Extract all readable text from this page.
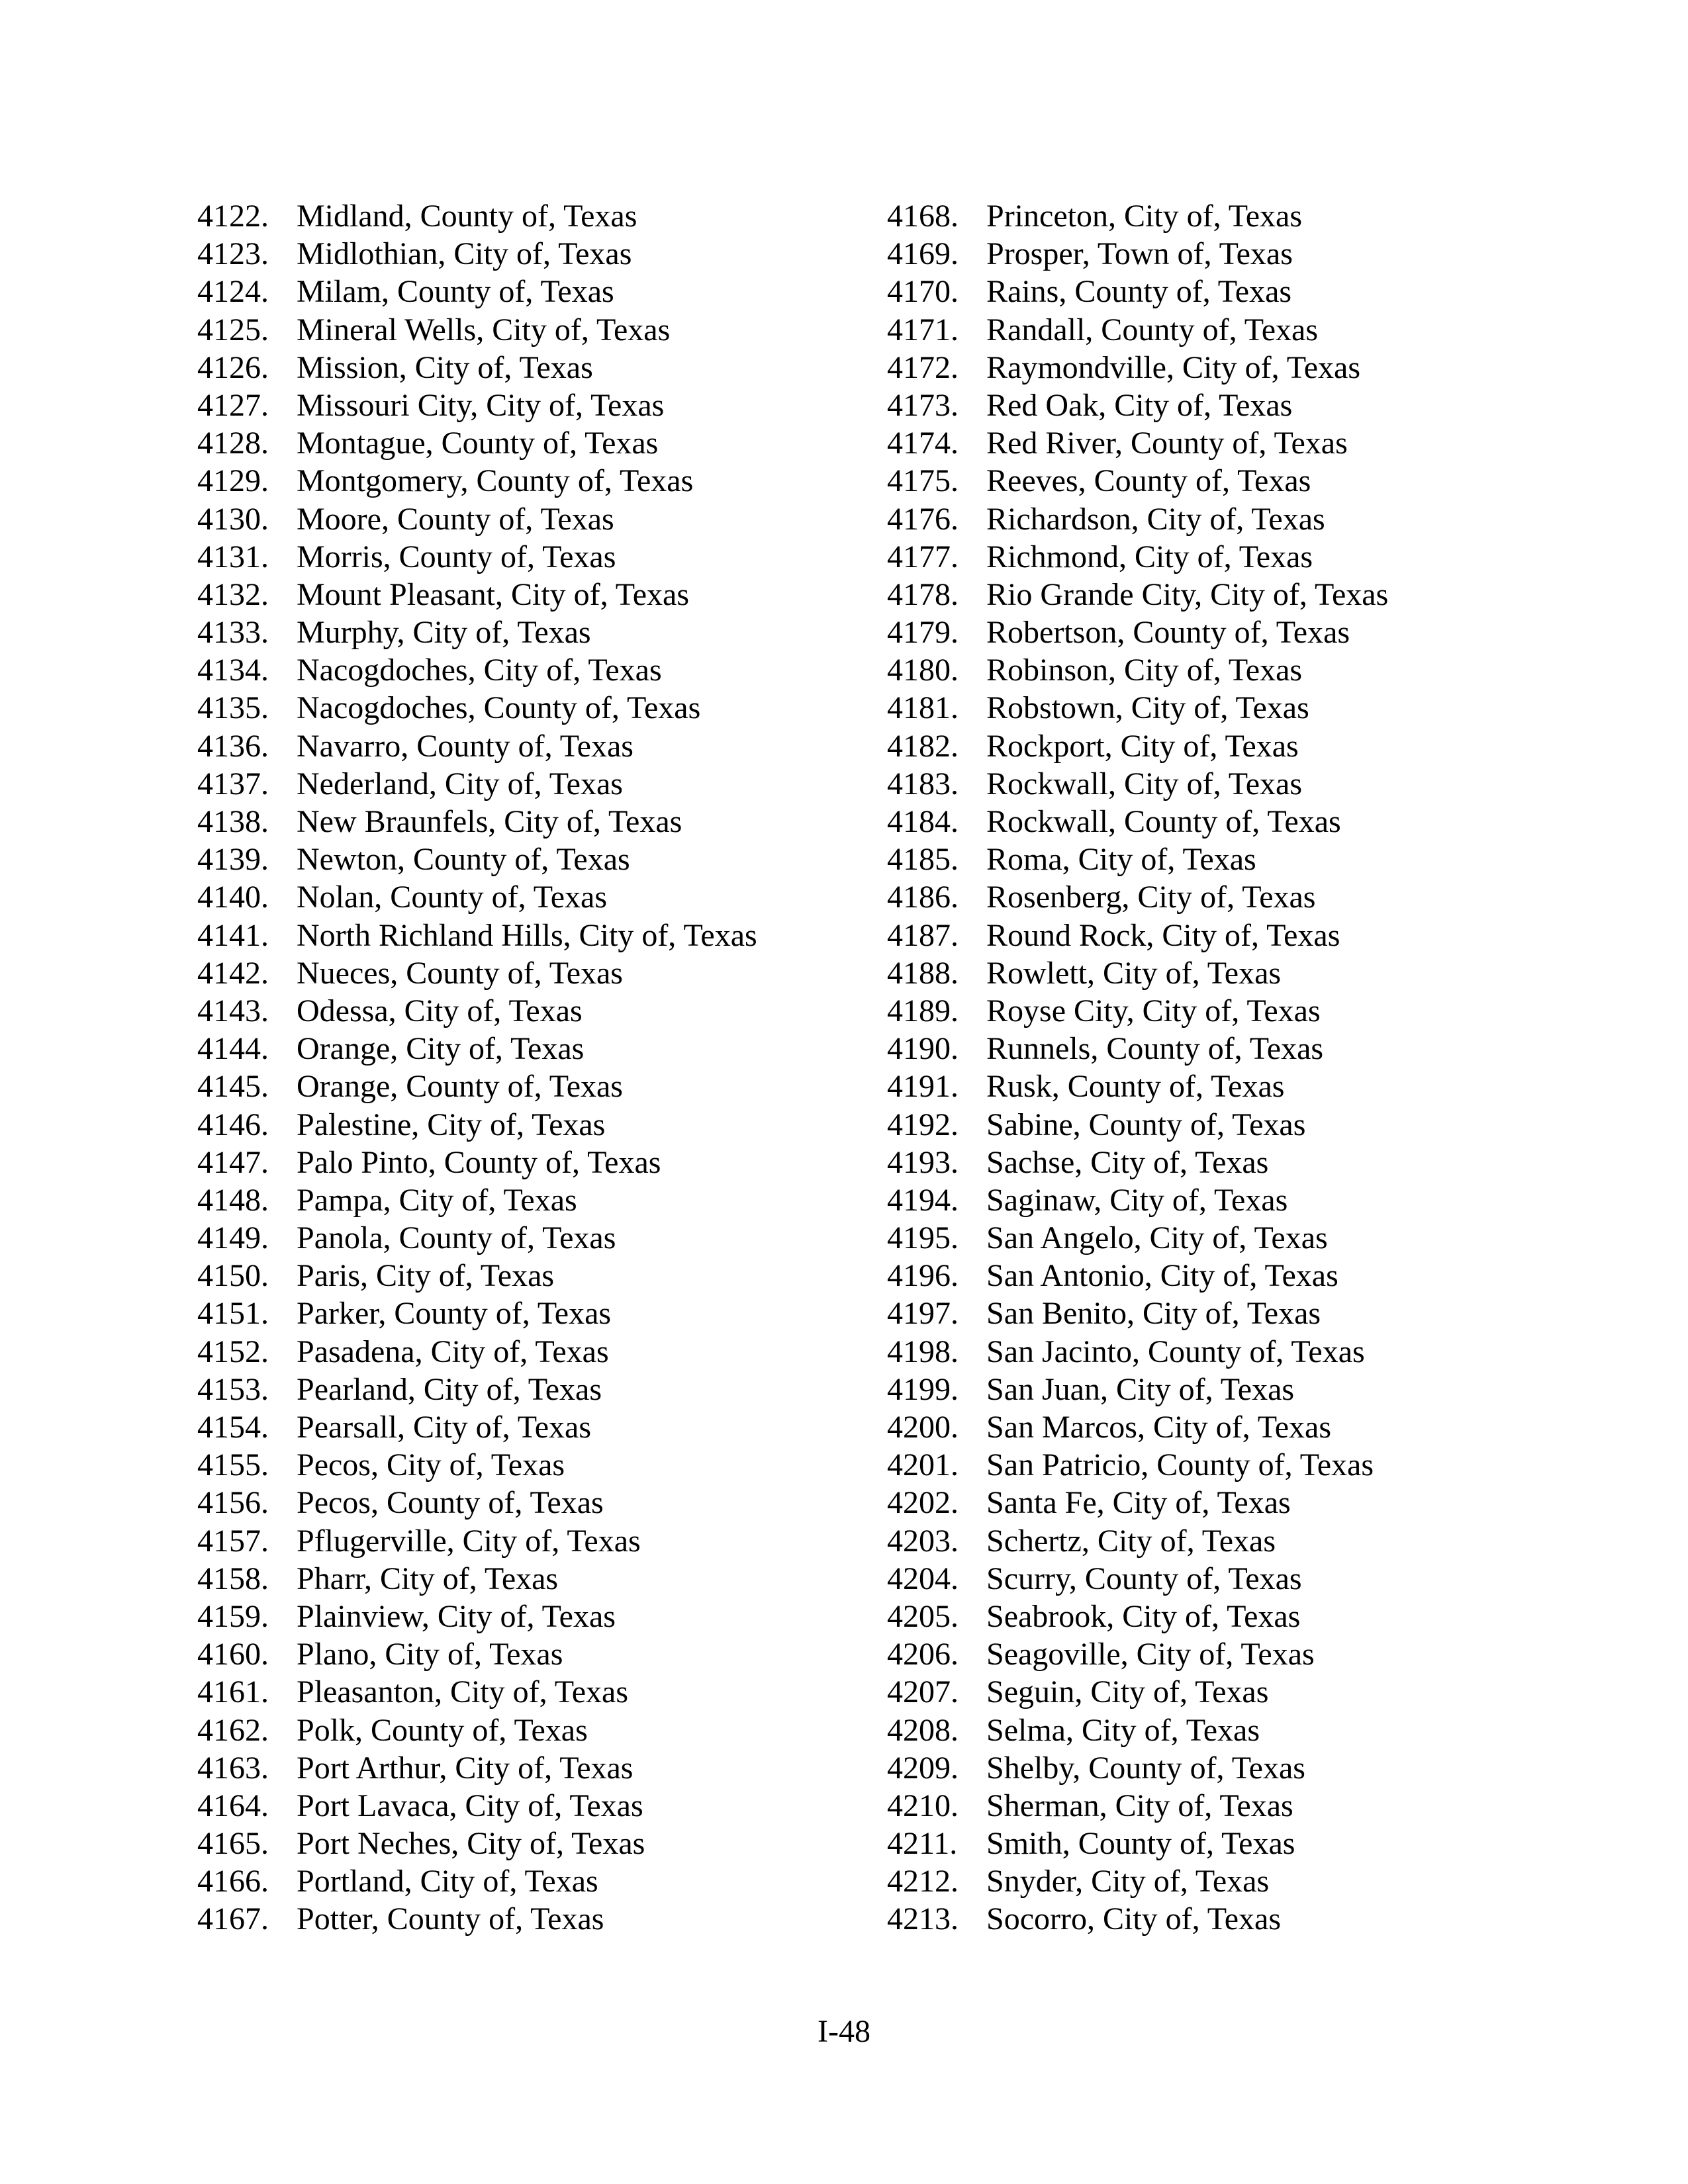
4122. Midland, County of, Texas
4123. Midlothian, City of, Texas
4124. Milam, County of, Texas
4125. Mineral Wells, City of, Texas
4126. Mission, City of, Texas
4127. Missouri City, City of, Texas
4128. Montague, County of, Texas
4129. Montgomery, County of, Texas
4130. Moore, County of, Texas
4131. Morris, County of, Texas
4132. Mount Pleasant, City of, Texas
4133. Murphy, City of, Texas
4134. Nacogdoches, City of, Texas
4135. Nacogdoches, County of, Texas
4136. Navarro, County of, Texas
4137. Nederland, City of, Texas
4138. New Braunfels, City of, Texas
4139. Newton, County of, Texas
4140. Nolan, County of, Texas
4141. North Richland Hills, City of, Texas
4142. Nueces, County of, Texas
4143. Odessa, City of, Texas
4144. Orange, City of, Texas
4145. Orange, County of, Texas
4146. Palestine, City of, Texas
4147. Palo Pinto, County of, Texas
4148. Pampa, City of, Texas
4149. Panola, County of, Texas
4150. Paris, City of, Texas
4151. Parker, County of, Texas
4152. Pasadena, City of, Texas
4153. Pearland, City of, Texas
4154. Pearsall, City of, Texas
4155. Pecos, City of, Texas
4156. Pecos, County of, Texas
4157. Pflugerville, City of, Texas
4158. Pharr, City of, Texas
4159. Plainview, City of, Texas
4160. Plano, City of, Texas
4161. Pleasanton, City of, Texas
4162. Polk, County of, Texas
4163. Port Arthur, City of, Texas
4164. Port Lavaca, City of, Texas
4165. Port Neches, City of, Texas
4166. Portland, City of, Texas
4167. Potter, County of, Texas
4168. Princeton, City of, Texas
4169. Prosper, Town of, Texas
4170. Rains, County of, Texas
4171. Randall, County of, Texas
4172. Raymondville, City of, Texas
4173. Red Oak, City of, Texas
4174. Red River, County of, Texas
4175. Reeves, County of, Texas
4176. Richardson, City of, Texas
4177. Richmond, City of, Texas
4178. Rio Grande City, City of, Texas
4179. Robertson, County of, Texas
4180. Robinson, City of, Texas
4181. Robstown, City of, Texas
4182. Rockport, City of, Texas
4183. Rockwall, City of, Texas
4184. Rockwall, County of, Texas
4185. Roma, City of, Texas
4186. Rosenberg, City of, Texas
4187. Round Rock, City of, Texas
4188. Rowlett, City of, Texas
4189. Royse City, City of, Texas
4190. Runnels, County of, Texas
4191. Rusk, County of, Texas
4192. Sabine, County of, Texas
4193. Sachse, City of, Texas
4194. Saginaw, City of, Texas
4195. San Angelo, City of, Texas
4196. San Antonio, City of, Texas
4197. San Benito, City of, Texas
4198. San Jacinto, County of, Texas
4199. San Juan, City of, Texas
4200. San Marcos, City of, Texas
4201. San Patricio, County of, Texas
4202. Santa Fe, City of, Texas
4203. Schertz, City of, Texas
4204. Scurry, County of, Texas
4205. Seabrook, City of, Texas
4206. Seagoville, City of, Texas
4207. Seguin, City of, Texas
4208. Selma, City of, Texas
4209. Shelby, County of, Texas
4210. Sherman, City of, Texas
4211. Smith, County of, Texas
4212. Snyder, City of, Texas
4213. Socorro, City of, Texas
I-48
